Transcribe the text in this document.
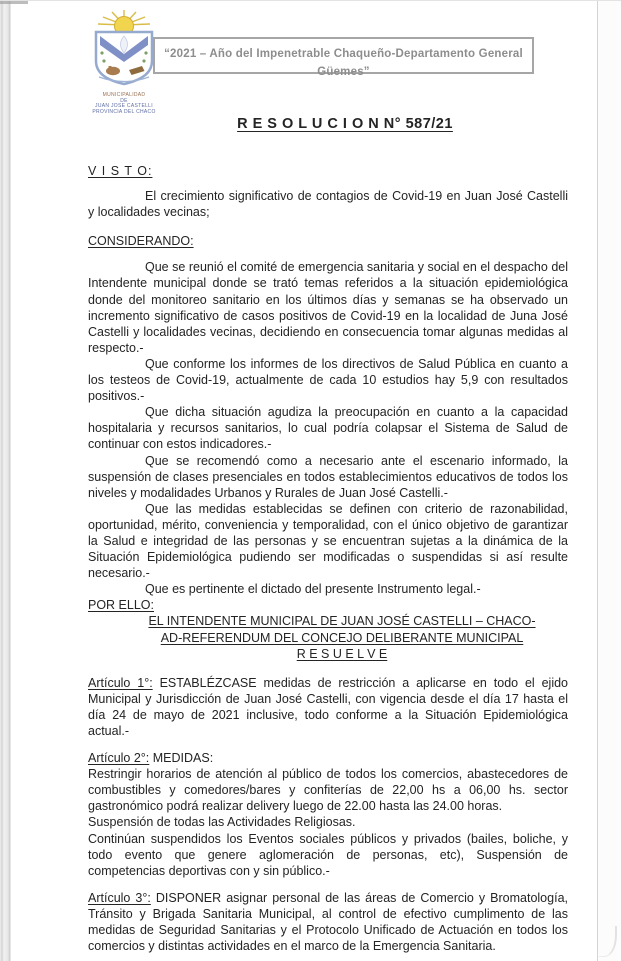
MUNICIPALIDAD
DE
JUAN JOSE CASTELLI
PROVINCIA DEL CHACO
“2021 – Año del Impenetrable Chaqueño-Departamento General Güemes”
R E S O L U C I O N N° 587/21
V I S T O:

El crecimiento significativo de contagios de Covid-19 en Juan José Castelli y localidades vecinas;

CONSIDERANDO:

Que se reunió el comité de emergencia sanitaria y social en el despacho del Intendente municipal donde se trató temas referidos a la situación epidemiológica donde del monitoreo sanitario en los últimos días y semanas se ha observado un incremento significativo de casos positivos de Covid-19 en la localidad de Juna José Castelli y localidades vecinas, decidiendo en consecuencia tomar algunas medidas al respecto.-

Que conforme los informes de los directivos de Salud Pública en cuanto a los testeos de Covid-19, actualmente de cada 10 estudios hay 5,9 con resultados positivos.-

Que dicha situación agudiza la preocupación en cuanto a la capacidad hospitalaria y recursos sanitarios, lo cual podría colapsar el Sistema de Salud de continuar con estos indicadores.-

Que se recomendó como a necesario ante el escenario informado, la suspensión de clases presenciales en todos establecimientos educativos de todos los niveles y modalidades Urbanos y Rurales de Juan José Castelli.-

Que las medidas establecidas se definen con criterio de razonabilidad, oportunidad, mérito, conveniencia y temporalidad, con el único objetivo de garantizar la Salud e integridad de las personas y se encuentran sujetas a la dinámica de la Situación Epidemiológica pudiendo ser modificadas o suspendidas si así resulte necesario.-

Que es pertinente el dictado del presente Instrumento legal.-

POR ELLO:
EL INTENDENTE MUNICIPAL DE JUAN JOSÉ CASTELLI – CHACO-
AD-REFERENDUM DEL CONCEJO DELIBERANTE MUNICIPAL
R E S U E L V E

Artículo 1°: ESTABLÉZCASE medidas de restricción a aplicarse en todo el ejido Municipal y Jurisdicción de Juan José Castelli, con vigencia desde el día 17 hasta el día 24 de mayo de 2021 inclusive, todo conforme a la Situación Epidemiológica actual.-

Artículo 2°: MEDIDAS:

Restringir horarios de atención al público de todos los comercios, abastecedores de combustibles y comedores/bares y confiterías de 22,00 hs a 06,00 hs. sector gastronómico podrá realizar delivery luego de 22.00 hasta las 24.00 horas.

Suspensión de todas las Actividades Religiosas.

Continúan suspendidos los Eventos sociales públicos y privados (bailes, boliche, y todo evento que genere aglomeración de personas, etc), Suspensión de competencias deportivas con y sin público.-

Artículo 3°: DISPONER asignar personal de las áreas de Comercio y Bromatología, Tránsito y Brigada Sanitaria Municipal, al control de efectivo cumplimento de las medidas de Seguridad Sanitarias y el Protocolo Unificado de Actuación en todos los comercios y distintas actividades en el marco de la Emergencia Sanitaria.
